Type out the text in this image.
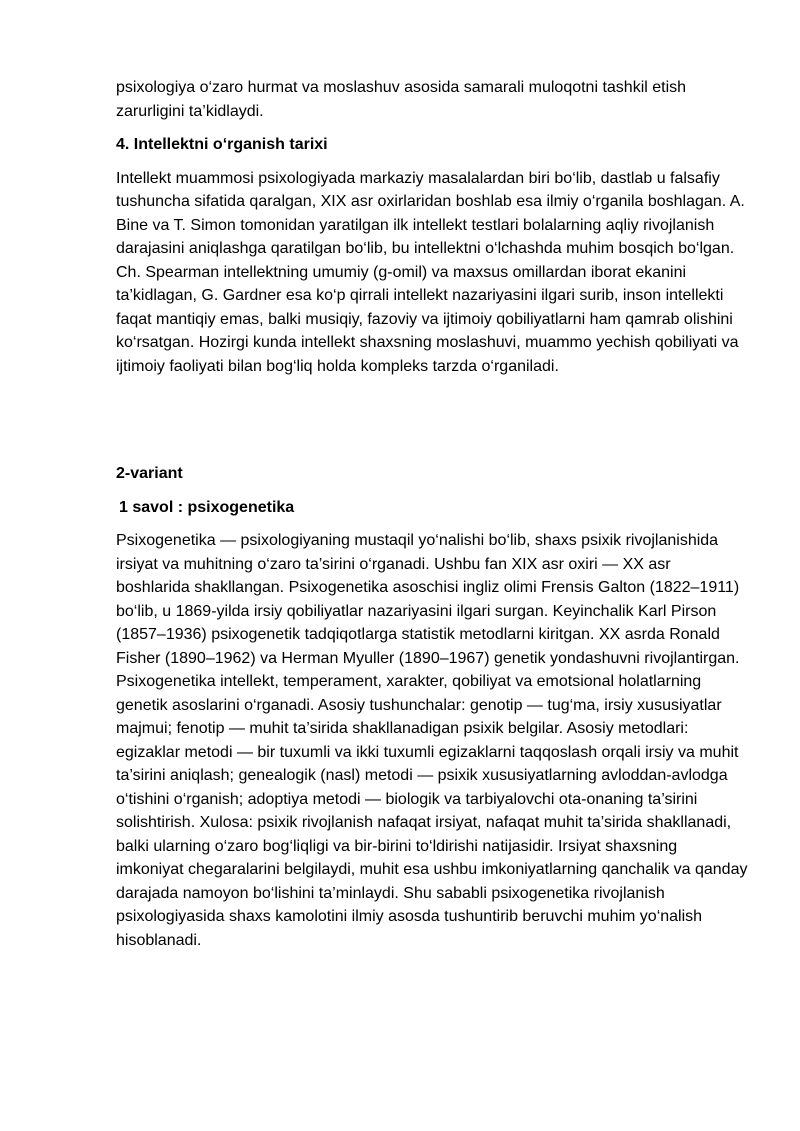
psixologiya o‘zaro hurmat va moslashuv asosida samarali muloqotni tashkil etish zarurligini ta’kidlaydi.

4. Intellektni o‘rganish tarixi

Intellekt muammosi psixologiyada markaziy masalalardan biri bo‘lib, dastlab u falsafiy tushuncha sifatida qaralgan, XIX asr oxirlaridan boshlab esa ilmiy o‘rganila boshlagan. A. Bine va T. Simon tomonidan yaratilgan ilk intellekt testlari bolalarning aqliy rivojlanish darajasini aniqlashga qaratilgan bo‘lib, bu intellektni o‘lchashda muhim bosqich bo‘lgan. Ch. Spearman intellektning umumiy (g-omil) va maxsus omillardan iborat ekanini ta’kidlagan, G. Gardner esa ko‘p qirrali intellekt nazariyasini ilgari surib, inson intellekti faqat mantiqiy emas, balki musiqiy, fazoviy va ijtimoiy qobiliyatlarni ham qamrab olishini ko‘rsatgan. Hozirgi kunda intellekt shaxsning moslashuvi, muammo yechish qobiliyati va ijtimoiy faoliyati bilan bog‘liq holda kompleks tarzda o‘rganiladi.

2-variant

1 savol : psixogenetika

Psixogenetika — psixologiyaning mustaqil yo‘nalishi bo‘lib, shaxs psixik rivojlanishida irsiyat va muhitning o‘zaro ta’sirini o‘rganadi. Ushbu fan XIX asr oxiri — XX asr boshlarida shakllangan. Psixogenetika asoschisi ingliz olimi Frensis Galton (1822–1911) bo‘lib, u 1869-yilda irsiy qobiliyatlar nazariyasini ilgari surgan. Keyinchalik Karl Pirson (1857–1936) psixogenetik tadqiqotlarga statistik metodlarni kiritgan. XX asrda Ronald Fisher (1890–1962) va Herman Myuller (1890–1967) genetik yondashuvni rivojlantirgan. Psixogenetika intellekt, temperament, xarakter, qobiliyat va emotsional holatlarning genetik asoslarini o‘rganadi. Asosiy tushunchalar: genotip — tug‘ma, irsiy xususiyatlar majmui; fenotip — muhit ta’sirida shakllanadigan psixik belgilar. Asosiy metodlari: egizaklar metodi — bir tuxumli va ikki tuxumli egizaklarni taqqoslash orqali irsiy va muhit ta’sirini aniqlash; genealogik (nasl) metodi — psixik xususiyatlarning avloddan-avlodga o‘tishini o‘rganish; adoptiya metodi — biologik va tarbiyalovchi ota-onaning ta’sirini solishtirish. Xulosa: psixik rivojlanish nafaqat irsiyat, nafaqat muhit ta’sirida shakllanadi, balki ularning o‘zaro bog‘liqligi va bir-birini to‘ldirishi natijasidir. Irsiyat shaxsning imkoniyat chegaralarini belgilaydi, muhit esa ushbu imkoniyatlarning qanchalik va qanday darajada namoyon bo‘lishini ta’minlaydi. Shu sababli psixogenetika rivojlanish psixologiyasida shaxs kamolotini ilmiy asosda tushuntirib beruvchi muhim yo‘nalish hisoblanadi.
